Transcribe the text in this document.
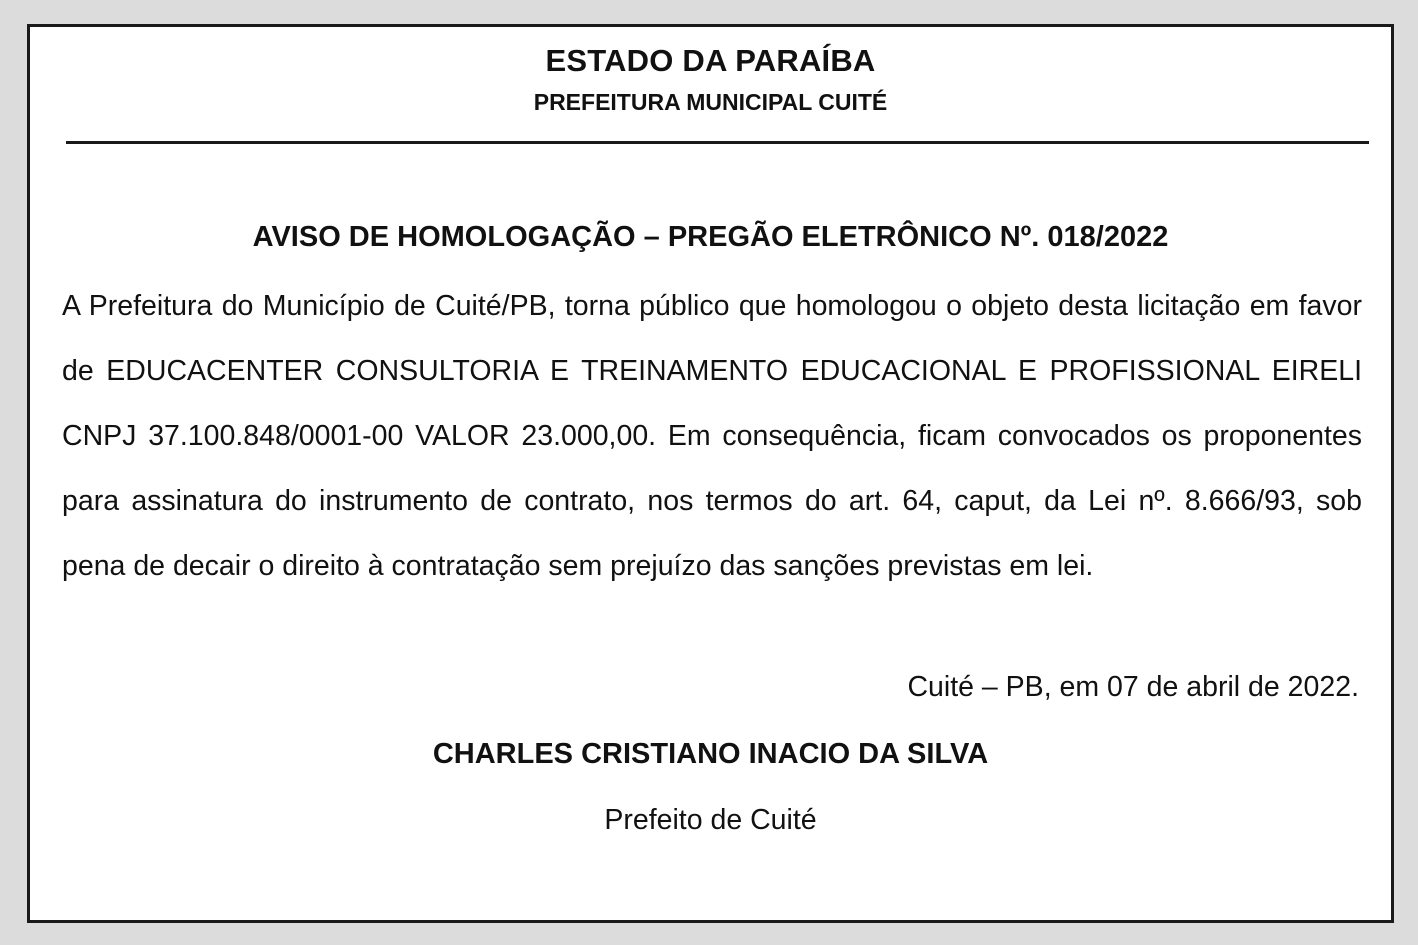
ESTADO DA PARAÍBA
PREFEITURA MUNICIPAL CUITÉ
AVISO DE HOMOLOGAÇÃO – PREGÃO ELETRÔNICO Nº. 018/2022

A Prefeitura do Município de Cuité/PB, torna público que homologou o objeto desta licitação em favor de EDUCACENTER CONSULTORIA E TREINAMENTO EDUCACIONAL E PROFISSIONAL EIRELI CNPJ 37.100.848/0001-00 VALOR 23.000,00. Em consequência, ficam convocados os proponentes para assinatura do instrumento de contrato, nos termos do art. 64, caput, da Lei nº. 8.666/93, sob pena de decair o direito à contratação sem prejuízo das sanções previstas em lei.

Cuité – PB, em 07 de abril de 2022.
CHARLES CRISTIANO INACIO DA SILVA
Prefeito de Cuité
